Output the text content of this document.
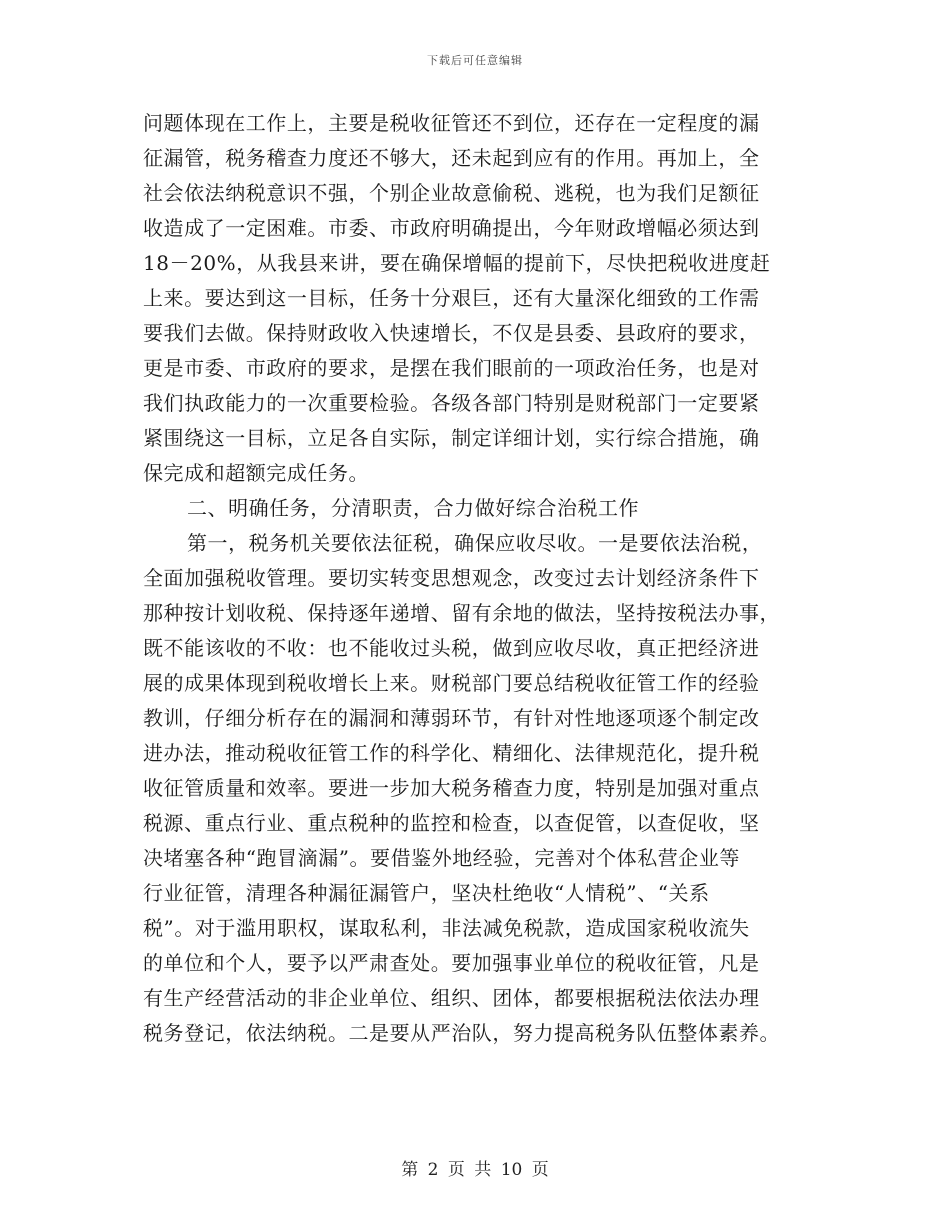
下载后可任意编辑
问题体现在工作上，主要是税收征管还不到位，还存在一定程度的漏
征漏管，税务稽查力度还不够大，还未起到应有的作用。再加上，全
社会依法纳税意识不强，个别企业故意偷税、逃税，也为我们足额征
收造成了一定困难。市委、市政府明确提出，今年财政增幅必须达到
18－20%，从我县来讲，要在确保增幅的提前下，尽快把税收进度赶
上来。要达到这一目标，任务十分艰巨，还有大量深化细致的工作需
要我们去做。保持财政收入快速增长，不仅是县委、县政府的要求，
更是市委、市政府的要求，是摆在我们眼前的一项政治任务，也是对
我们执政能力的一次重要检验。各级各部门特别是财税部门一定要紧
紧围绕这一目标，立足各自实际，制定详细计划，实行综合措施，确
保完成和超额完成任务。
二、明确任务，分清职责，合力做好综合治税工作
第一，税务机关要依法征税，确保应收尽收。一是要依法治税，
全面加强税收管理。要切实转变思想观念，改变过去计划经济条件下
那种按计划收税、保持逐年递增、留有余地的做法，坚持按税法办事，
既不能该收的不收：也不能收过头税，做到应收尽收，真正把经济进
展的成果体现到税收增长上来。财税部门要总结税收征管工作的经验
教训，仔细分析存在的漏洞和薄弱环节，有针对性地逐项逐个制定改
进办法，推动税收征管工作的科学化、精细化、法律规范化，提升税
收征管质量和效率。要进一步加大税务稽查力度，特别是加强对重点
税源、重点行业、重点税种的监控和检查，以查促管，以查促收，坚
决堵塞各种“跑冒滴漏”。要借鉴外地经验，完善对个体私营企业等
行业征管，清理各种漏征漏管户，坚决杜绝收“人情税”、“关系
税”。对于滥用职权，谋取私利，非法减免税款，造成国家税收流失
的单位和个人，要予以严肃查处。要加强事业单位的税收征管，凡是
有生产经营活动的非企业单位、组织、团体，都要根据税法依法办理
税务登记，依法纳税。二是要从严治队，努力提高税务队伍整体素养。
第 2 页 共 10 页
